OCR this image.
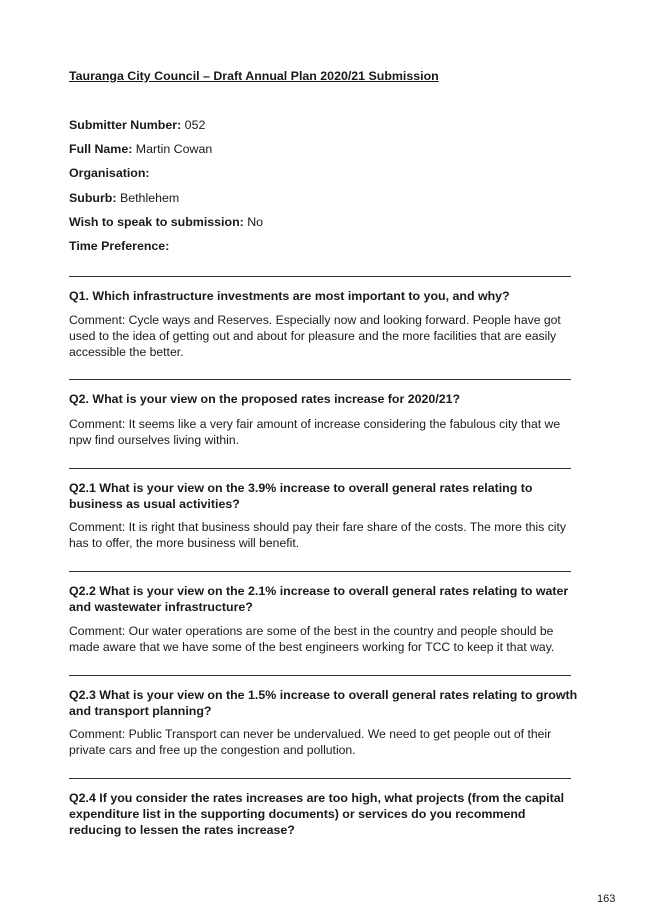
Tauranga City Council – Draft Annual Plan 2020/21 Submission
Submitter Number: 052
Full Name: Martin Cowan
Organisation:
Suburb: Bethlehem
Wish to speak to submission: No
Time Preference:
Q1. Which infrastructure investments are most important to you, and why?
Comment: Cycle ways and Reserves. Especially now and looking forward. People have got used to the idea of getting out and about for pleasure and the more facilities that are easily accessible the better.
Q2. What is your view on the proposed rates increase for 2020/21?
Comment: It seems like a very fair amount of increase considering the fabulous city that we npw find ourselves living within.
Q2.1 What is your view on the 3.9% increase to overall general rates relating to business as usual activities?
Comment: It is right that business should pay their fare share of the costs. The more this city has to offer, the more business will benefit.
Q2.2 What is your view on the 2.1% increase to overall general rates relating to water and wastewater infrastructure?
Comment: Our water operations are some of the best in the country and people should be made aware that we have some of the best engineers working for TCC to keep it that way.
Q2.3 What is your view on the 1.5% increase to overall general rates relating to growth and transport planning?
Comment: Public Transport can never be undervalued. We need to get people out of their private cars and free up the congestion and pollution.
Q2.4 If you consider the rates increases are too high, what projects (from the capital expenditure list in the supporting documents) or services do you recommend reducing to lessen the rates increase?
163
